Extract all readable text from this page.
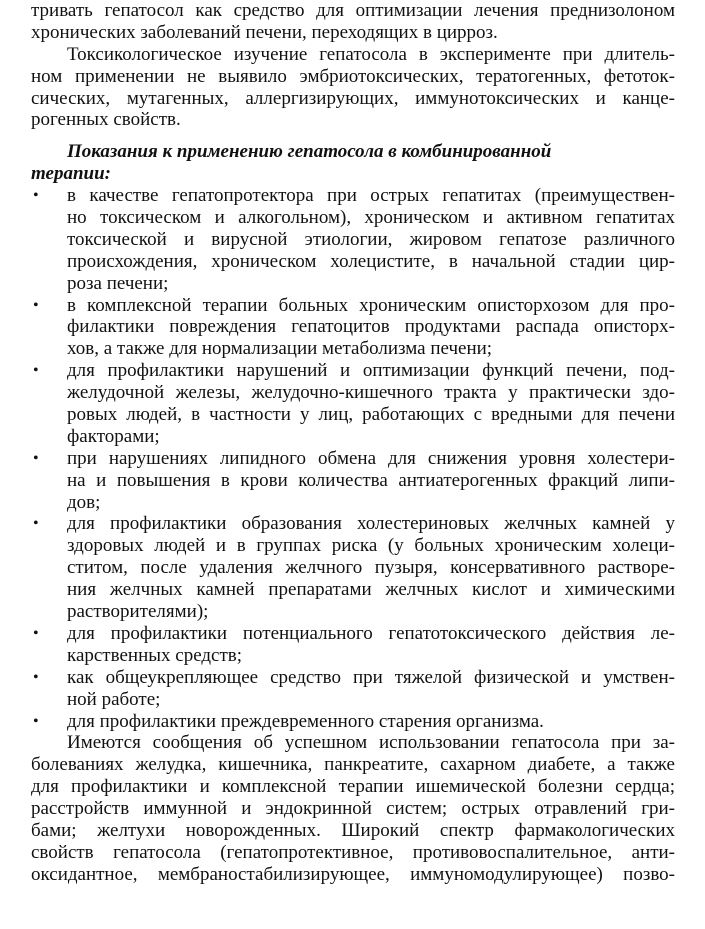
тривать гепатосол как средство для оптимизации лечения преднизолоном
хронических заболеваний печени, переходящих в цирроз.
Токсикологическое изучение гепатосола в эксперименте при длитель-
ном применении не выявило эмбриотоксических, тератогенных, фетоток-
сических, мутагенных, аллергизирующих, иммунотоксических и канце-
рогенных свойств.
Показания к применению гепатосола в комбинированной
терапии:
• в качестве гепатопротектора при острых гепатитах (преимуществен-
но токсическом и алкогольном), хроническом и активном гепатитах
токсической и вирусной этиологии, жировом гепатозе различного
происхождения, хроническом холецистите, в начальной стадии цир-
роза печени;
• в комплексной терапии больных хроническим описторхозом для про-
филактики повреждения гепатоцитов продуктами распада описторх-
хов, а также для нормализации метаболизма печени;
• для профилактики нарушений и оптимизации функций печени, под-
желудочной железы, желудочно-кишечного тракта у практически здо-
ровых людей, в частности у лиц, работающих с вредными для печени
факторами;
• при нарушениях липидного обмена для снижения уровня холестери-
на и повышения в крови количества антиатерогенных фракций липи-
дов;
• для профилактики образования холестериновых желчных камней у
здоровых людей и в группах риска (у больных хроническим холеци-
ститом, после удаления желчного пузыря, консервативного растворе-
ния желчных камней препаратами желчных кислот и химическими
растворителями);
• для профилактики потенциального гепатотоксического действия ле-
карственных средств;
• как общеукрепляющее средство при тяжелой физической и умствен-
ной работе;
• для профилактики преждевременного старения организма.
Имеются сообщения об успешном использовании гепатосола при за-
болеваниях желудка, кишечника, панкреатите, сахарном диабете, а также
для профилактики и комплексной терапии ишемической болезни сердца;
расстройств иммунной и эндокринной систем; острых отравлений гри-
бами; желтухи новорожденных. Широкий спектр фармакологических
свойств гепатосола (гепатопротективное, противовоспалительное, анти-
оксидантное, мембраностабилизирующее, иммуномодулирующее) позво-
